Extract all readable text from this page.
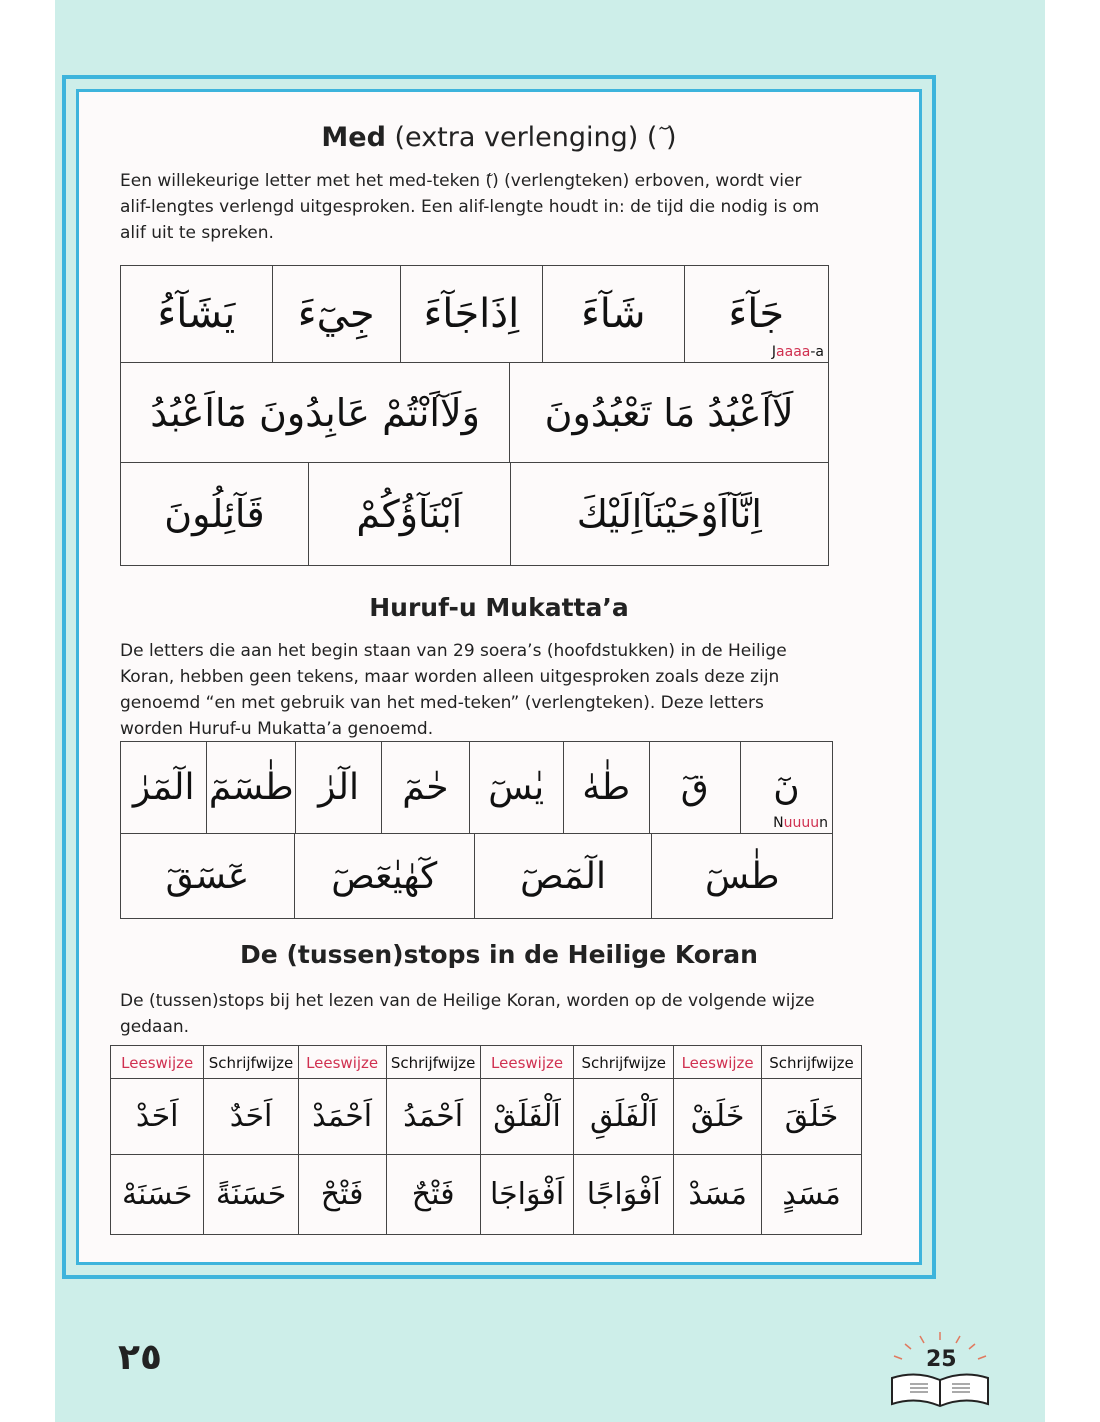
Med (extra verlenging) ( )
Een willekeurige letter met het med-teken () (verlengteken) erboven, wordt vier alif-lengtes verlengd uitgesproken. Een alif-lengte houdt in: de tijd die nodig is om alif uit te spreken.
يَشَآءُ	جِيٓءَ	اِذَاجَآءَ	شَآءَ	جَآءَ
Jaaaa-a
وَلَآاَنْتُمْ عَابِدُونَ مَٓااَعْبُدُ	لَآاَعْبُدُ مَا تَعْبُدُونَ
قَآئِلُونَ	اَبْنَآؤُكُمْ	اِنَّآاَوْحَيْنَآاِلَيْكَ
Huruf-u Mukatta’a
De letters die aan het begin staan van 29 soera’s (hoofdstukken) in de Heilige Koran, hebben geen tekens, maar worden alleen uitgesproken zoals deze zijn genoemd “en met gebruik van het med-teken” (verlengteken). Deze letters worden Huruf-u Mukatta’a genoemd.
الٓمٓرٰ	طٰسٓمٓ	الٓرٰ	حٰمٓ	يٰسٓ	طٰهٰ	قٓ	نٓ
Nuuuun
عٓسٓقٓ	كٓهٰيٰعٓصٓ	الٓمٓصٓ	طٰسٓ
De (tussen)stops in de Heilige Koran
De (tussen)stops bij het lezen van de Heilige Koran, worden op de volgende wijze gedaan.
Leeswijze	Schrijfwijze	Leeswijze	Schrijfwijze	Leeswijze	Schrijfwijze	Leeswijze	Schrijfwijze
اَحَدْ	اَحَدٌ	اَحْمَدْ	اَحْمَدُ	اَلْفَلَقْ	اَلْفَلَقِ	خَلَقْ	خَلَقَ
حَسَنَهْ	حَسَنَةً	فَتْحْ	فَتْحٌ	اَفْوَاجَا	اَفْوَاجًا	مَسَدْ	مَسَدٍ
٢٥	25
